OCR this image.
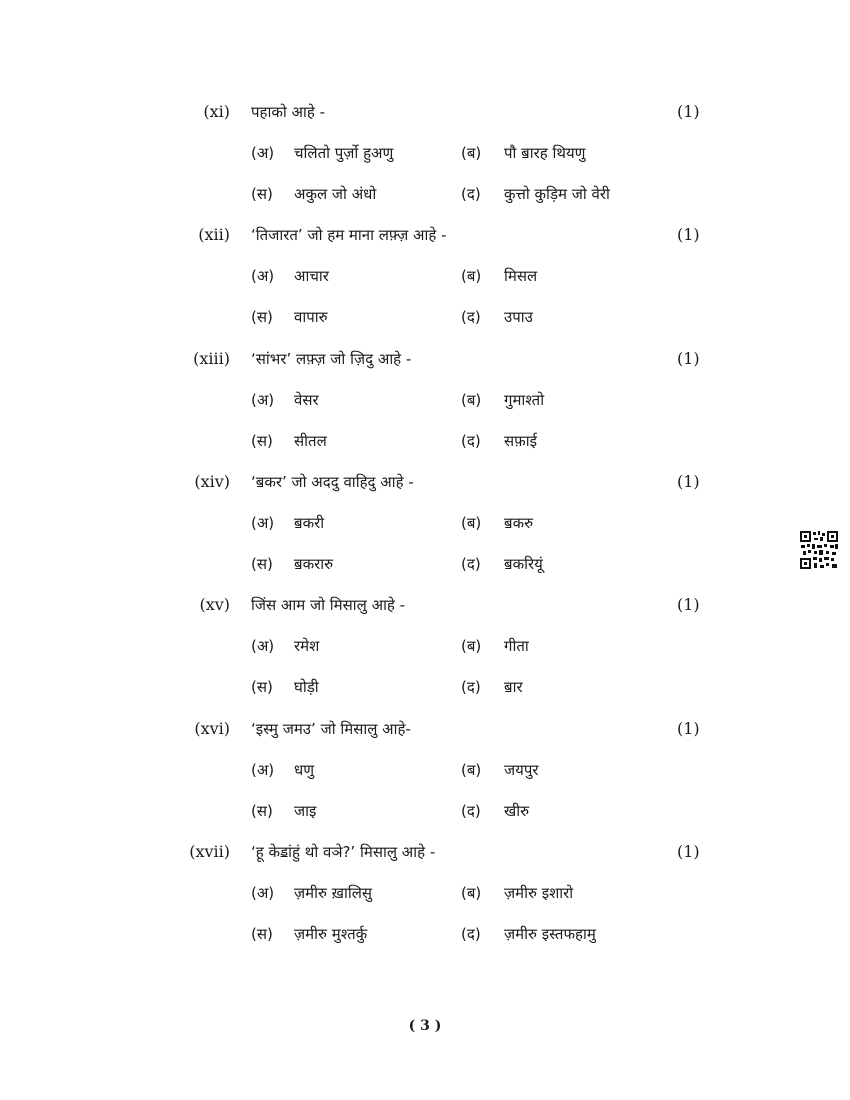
(xi) पहाको आहे -	(1)
(अ) चलितो पुर्ज़ो हुअणु	(ब) पौ ॿारह थियणु
(स) अकुल जो अंधो	(द) कुत्तो कुड़िम जो वेरी
(xii) ‘तिजारत’ जो हम माना लफ़्ज़ आहे -	(1)
(अ) आचार	(ब) मिसल
(स) वापारु	(द) उपाउ
(xiii) ‘सांभर’ लफ़्ज़ जो ज़िदु आहे -	(1)
(अ) वेसर	(ब) गुमाश्तो
(स) सीतल	(द) सफ़ाई
(xiv) ‘ॿकर’ जो अददु वाहिदु आहे -	(1)
(अ) ॿकरी	(ब) ॿकरु
(स) ॿकरारु	(द) ॿकरियूं
(xv) जिंस आम जो मिसालु आहे -	(1)
(अ) रमेश	(ब) गीता
(स) घोड़ी	(द) ॿार
(xvi) ‘इस्मु जमउ’ जो मिसालु आहे-	(1)
(अ) धणु	(ब) जयपुर
(स) जाइ	(द) खीरु
(xvii) ‘हू केॾांहुं थो वञे?’ मिसालु आहे -	(1)
(अ) ज़मीरु ख़ालिसु	(ब) ज़मीरु इशारो
(स) ज़मीरु मुश्तर्कु	(द) ज़मीरु इस्तफहामु
( 3 )
